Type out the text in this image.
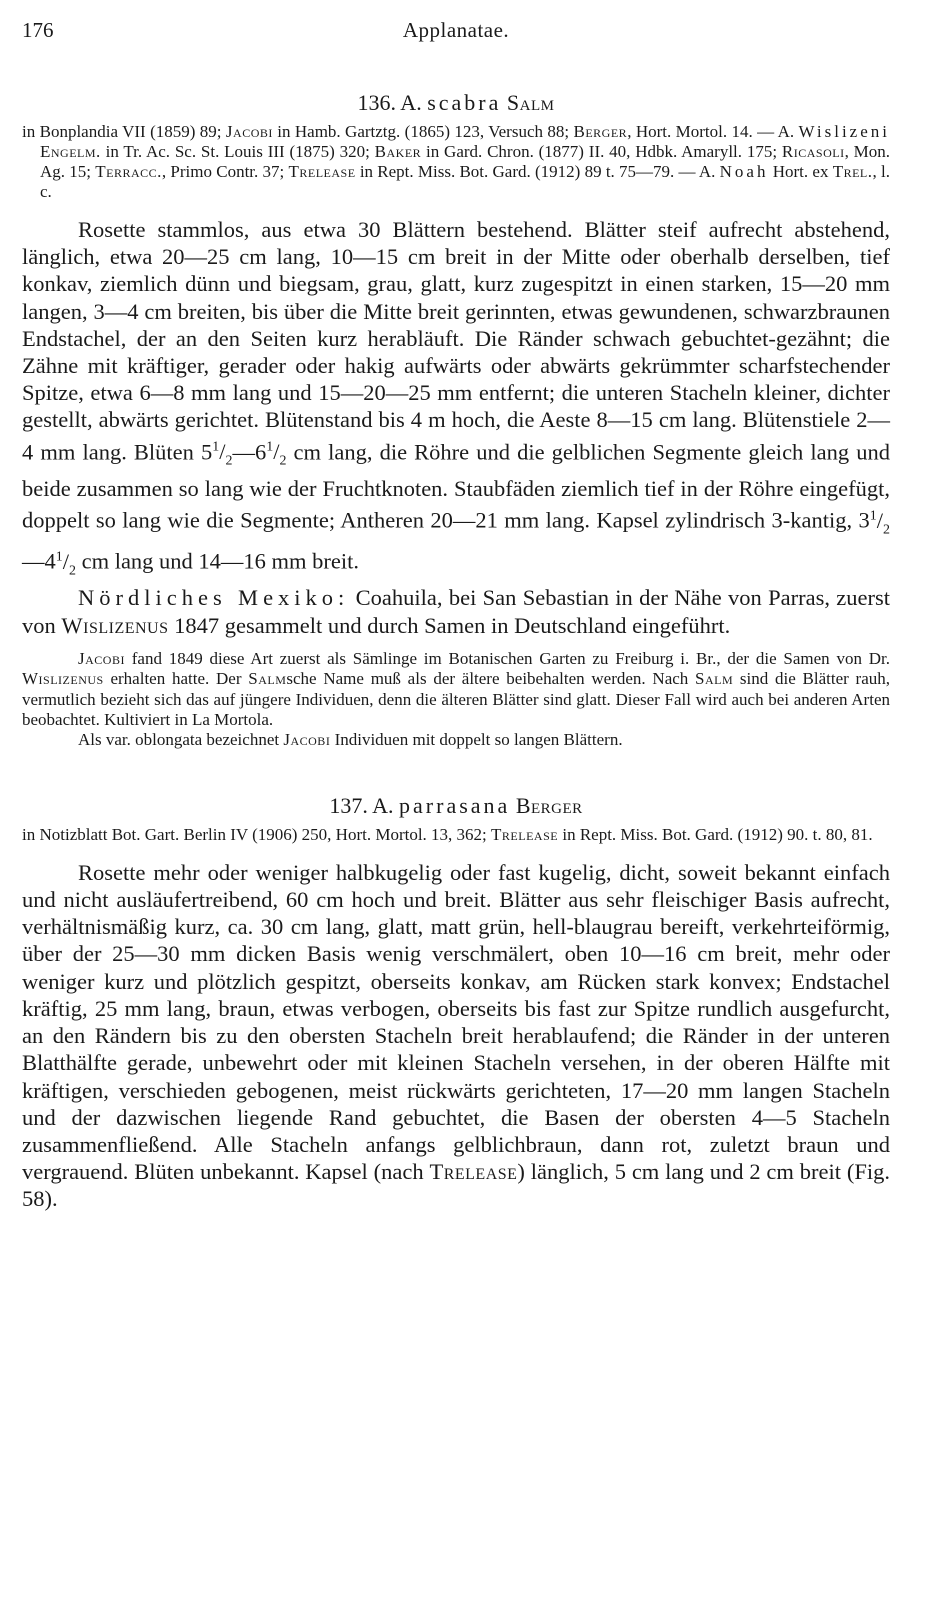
176	Applanatae.
136. A. scabra Salm

in Bonplandia VII (1859) 89; Jacobi in Hamb. Gartztg. (1865) 123, Versuch 88; Berger, Hort. Mortol. 14. — A. Wislizeni Engelm. in Tr. Ac. Sc. St. Louis III (1875) 320; Baker in Gard. Chron. (1877) II. 40, Hdbk. Amaryll. 175; Ricasoli, Mon. Ag. 15; Terracc., Primo Contr. 37; Trelease in Rept. Miss. Bot. Gard. (1912) 89 t. 75—79. — A. Noah Hort. ex Trel., l. c.

Rosette stammlos, aus etwa 30 Blättern bestehend. Blätter steif aufrecht abstehend, länglich, etwa 20—25 cm lang, 10—15 cm breit in der Mitte oder oberhalb derselben, tief konkav, ziemlich dünn und biegsam, grau, glatt, kurz zugespitzt in einen starken, 15—20 mm langen, 3—4 cm breiten, bis über die Mitte breit gerinnten, etwas gewundenen, schwarzbraunen Endstachel, der an den Seiten kurz herabläuft. Die Ränder schwach gebuchtet-gezähnt; die Zähne mit kräftiger, gerader oder hakig aufwärts oder abwärts gekrümmter scharfstechender Spitze, etwa 6—8 mm lang und 15—20—25 mm entfernt; die unteren Stacheln kleiner, dichter gestellt, abwärts gerichtet. Blütenstand bis 4 m hoch, die Aeste 8—15 cm lang. Blütenstiele 2—4 mm lang. Blüten $5^1/_2—6^1/_2$ cm lang, die Röhre und die gelblichen Segmente gleich lang und beide zusammen so lang wie der Fruchtknoten. Staubfäden ziemlich tief in der Röhre eingefügt, doppelt so lang wie die Segmente; Antheren 20—21 mm lang. Kapsel zylindrisch 3-kantig, $3^1/_2—4^1/_2$ cm lang und 14—16 mm breit.

Nördliches Mexiko: Coahuila, bei San Sebastian in der Nähe von Parras, zuerst von Wislizenus 1847 gesammelt und durch Samen in Deutschland eingeführt.

Jacobi fand 1849 diese Art zuerst als Sämlinge im Botanischen Garten zu Freiburg i. Br., der die Samen von Dr. Wislizenus erhalten hatte. Der Salmsche Name muß als der ältere beibehalten werden. Nach Salm sind die Blätter rauh, vermutlich bezieht sich das auf jüngere Individuen, denn die älteren Blätter sind glatt. Dieser Fall wird auch bei anderen Arten beobachtet. Kultiviert in La Mortola.

Als var. oblongata bezeichnet Jacobi Individuen mit doppelt so langen Blättern.

137. A. parrasana Berger

in Notizblatt Bot. Gart. Berlin IV (1906) 250, Hort. Mortol. 13, 362; Trelease in Rept. Miss. Bot. Gard. (1912) 90. t. 80, 81.

Rosette mehr oder weniger halbkugelig oder fast kugelig, dicht, soweit bekannt einfach und nicht ausläufertreibend, 60 cm hoch und breit. Blätter aus sehr fleischiger Basis aufrecht, verhältnismäßig kurz, ca. 30 cm lang, glatt, matt grün, hell-blaugrau bereift, verkehrteiförmig, über der 25—30 mm dicken Basis wenig verschmälert, oben 10—16 cm breit, mehr oder weniger kurz und plötzlich gespitzt, oberseits konkav, am Rücken stark konvex; Endstachel kräftig, 25 mm lang, braun, etwas verbogen, oberseits bis fast zur Spitze rundlich ausgefurcht, an den Rändern bis zu den obersten Stacheln breit herablaufend; die Ränder in der unteren Blatthälfte gerade, unbewehrt oder mit kleinen Stacheln versehen, in der oberen Hälfte mit kräftigen, verschieden gebogenen, meist rückwärts gerichteten, 17—20 mm langen Stacheln und der dazwischen liegende Rand gebuchtet, die Basen der obersten 4—5 Stacheln zusammenfließend. Alle Stacheln anfangs gelblichbraun, dann rot, zuletzt braun und vergrauend. Blüten unbekannt. Kapsel (nach Trelease) länglich, 5 cm lang und 2 cm breit (Fig. 58).
